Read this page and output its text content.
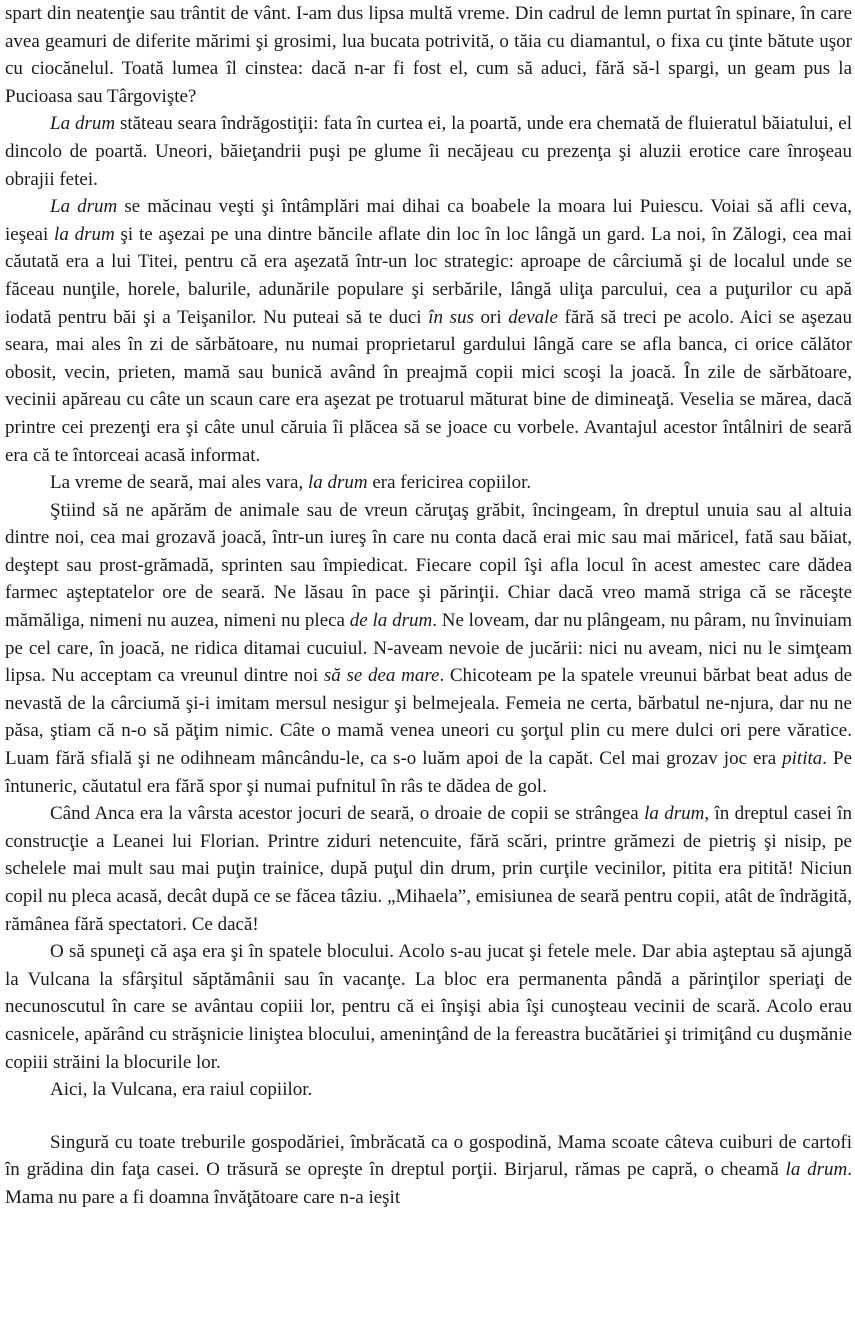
spart din neatenţie sau trântit de vânt. I-am dus lipsa multă vreme. Din cadrul de lemn purtat în spinare, în care avea geamuri de diferite mărimi şi grosimi, lua bucata potrivită, o tăia cu diamantul, o fixa cu ţinte bătute uşor cu ciocănelul. Toată lumea îl cinstea: dacă n-ar fi fost el, cum să aduci, fără să-l spargi, un geam pus la Pucioasa sau Târgovişte?

La drum stăteau seara îndrăgostiţii: fata în curtea ei, la poartă, unde era chemată de fluieratul băiatului, el dincolo de poartă. Uneori, băieţandrii puşi pe glume îi necăjeau cu prezenţa şi aluzii erotice care înroşeau obrajii fetei.

La drum se măcinau veşti şi întâmplări mai dihai ca boabele la moara lui Puiescu. Voiai să afli ceva, ieşeai la drum şi te aşezai pe una dintre băncile aflate din loc în loc lângă un gard. La noi, în Zălogi, cea mai căutată era a lui Titei, pentru că era aşezată într-un loc strategic: aproape de cârciumă şi de localul unde se făceau nunţile, horele, balurile, adunările populare şi serbările, lângă uliţa parcului, cea a puţurilor cu apă iodată pentru băi şi a Teişanilor. Nu puteai să te duci în sus ori devale fără să treci pe acolo. Aici se aşezau seara, mai ales în zi de sărbătoare, nu numai proprietarul gardului lângă care se afla banca, ci orice călător obosit, vecin, prieten, mamă sau bunică având în preajmă copii mici scoşi la joacă. În zile de sărbătoare, vecinii apăreau cu câte un scaun care era aşezat pe trotuarul măturat bine de dimineaţă. Veselia se mărea, dacă printre cei prezenţi era şi câte unul căruia îi plăcea să se joace cu vorbele. Avantajul acestor întâlniri de seară era că te întorceai acasă informat.

La vreme de seară, mai ales vara, la drum era fericirea copiilor.

Ştiind să ne apărăm de animale sau de vreun căruţaş grăbit, încingeam, în dreptul unuia sau al altuia dintre noi, cea mai grozavă joacă, într-un iureş în care nu conta dacă erai mic sau mai măricel, fată sau băiat, deştept sau prost-grămadă, sprinten sau împiedicat. Fiecare copil îşi afla locul în acest amestec care dădea farmec aşteptatelor ore de seară. Ne lăsau în pace şi părinţii. Chiar dacă vreo mamă striga că se răceşte mămăliga, nimeni nu auzea, nimeni nu pleca de la drum. Ne loveam, dar nu plângeam, nu pâram, nu învinuiam pe cel care, în joacă, ne ridica ditamai cucuiul. N-aveam nevoie de jucării: nici nu aveam, nici nu le simţeam lipsa. Nu acceptam ca vreunul dintre noi să se dea mare. Chicoteam pe la spatele vreunui bărbat beat adus de nevastă de la cârciumă şi-i imitam mersul nesigur şi belmejeala. Femeia ne certa, bărbatul ne-njura, dar nu ne păsa, ştiam că n-o să păţim nimic. Câte o mamă venea uneori cu şorţul plin cu mere dulci ori pere văratice. Luam fără sfială şi ne odihneam mâncându-le, ca s-o luăm apoi de la capăt. Cel mai grozav joc era pitita. Pe întuneric, căutatul era fără spor şi numai pufnitul în râs te dădea de gol.

Când Anca era la vârsta acestor jocuri de seară, o droaie de copii se strângea la drum, în dreptul casei în construcţie a Leanei lui Florian. Printre ziduri netencuite, fără scări, printre grămezi de pietriş şi nisip, pe schelele mai mult sau mai puţin trainice, după puţul din drum, prin curţile vecinilor, pitita era pitită! Niciun copil nu pleca acasă, decât după ce se făcea tâziu. „Mihaela”, emisiunea de seară pentru copii, atât de îndrăgită, rămânea fără spectatori. Ce dacă!

O să spuneţi că aşa era şi în spatele blocului. Acolo s-au jucat şi fetele mele. Dar abia aşteptau să ajungă la Vulcana la sfârşitul săptămânii sau în vacanţe. La bloc era permanenta pândă a părinţilor speriaţi de necunoscutul în care se avântau copiii lor, pentru că ei înşişi abia îşi cunoşteau vecinii de scară. Acolo erau casnicele, apărând cu străşnicie liniştea blocului, ameninţând de la fereastra bucătăriei şi trimiţând cu duşmănie copiii străini la blocurile lor.

Aici, la Vulcana, era raiul copiilor.

Singură cu toate treburile gospodăriei, îmbrăcată ca o gospodină, Mama scoate câteva cuiburi de cartofi în grădina din faţa casei. O trăsură se opreşte în dreptul porţii. Birjarul, rămas pe capră, o cheamă la drum. Mama nu pare a fi doamna învăţătoare care n-a ieşit
